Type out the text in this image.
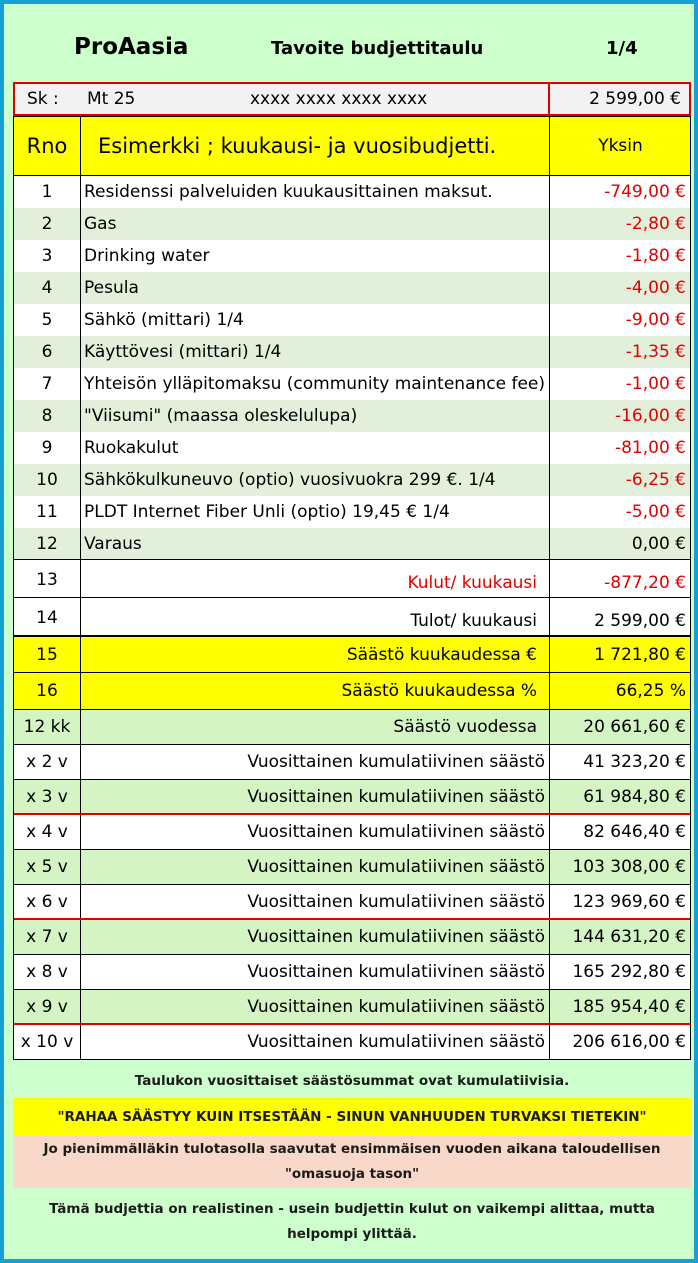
ProAasia	Tavoite budjettitaulu	1/4
Sk : Mt 25	xxxx xxxx xxxx xxxx	2 599,00 €
Rno	Esimerkki ; kuukausi- ja vuosibudjetti.	Yksin
1	Residenssi palveluiden kuukausittainen maksut.	-749,00 €
2	Gas	-2,80 €
3	Drinking water	-1,80 €
4	Pesula	-4,00 €
5	Sähkö (mittari) 1/4	-9,00 €
6	Käyttövesi (mittari) 1/4	-1,35 €
7	Yhteisön ylläpitomaksu (community maintenance fee)	-1,00 €
8	"Viisumi" (maassa oleskelulupa)	-16,00 €
9	Ruokakulut	-81,00 €
10	Sähkökulkuneuvo (optio) vuosivuokra 299 €. 1/4	-6,25 €
11	PLDT Internet Fiber Unli (optio) 19,45 € 1/4	-5,00 €
12	Varaus	0,00 €
13	Kulut/ kuukausi	-877,20 €
14	Tulot/ kuukausi	2 599,00 €
15	Säästö kuukaudessa €	1 721,80 €
16	Säästö kuukaudessa %	66,25 %
12 kk	Säästö vuodessa	20 661,60 €
x 2 v	Vuosittainen kumulatiivinen säästö	41 323,20 €
x 3 v	Vuosittainen kumulatiivinen säästö	61 984,80 €
x 4 v	Vuosittainen kumulatiivinen säästö	82 646,40 €
x 5 v	Vuosittainen kumulatiivinen säästö	103 308,00 €
x 6 v	Vuosittainen kumulatiivinen säästö	123 969,60 €
x 7 v	Vuosittainen kumulatiivinen säästö	144 631,20 €
x 8 v	Vuosittainen kumulatiivinen säästö	165 292,80 €
x 9 v	Vuosittainen kumulatiivinen säästö	185 954,40 €
x 10 v	Vuosittainen kumulatiivinen säästö	206 616,00 €
Taulukon vuosittaiset säästösummat ovat kumulatiivisia.
"RAHAA SÄÄSTYY KUIN ITSESTÄÄN - SINUN VANHUUDEN TURVAKSI TIETEKIN"
Jo pienimmälläkin tulotasolla saavutat ensimmäisen vuoden aikana taloudellisen
"omasuoja tason"
Tämä budjettia on realistinen - usein budjettin kulut on vaikempi alittaa, mutta
helpompi ylittää.
